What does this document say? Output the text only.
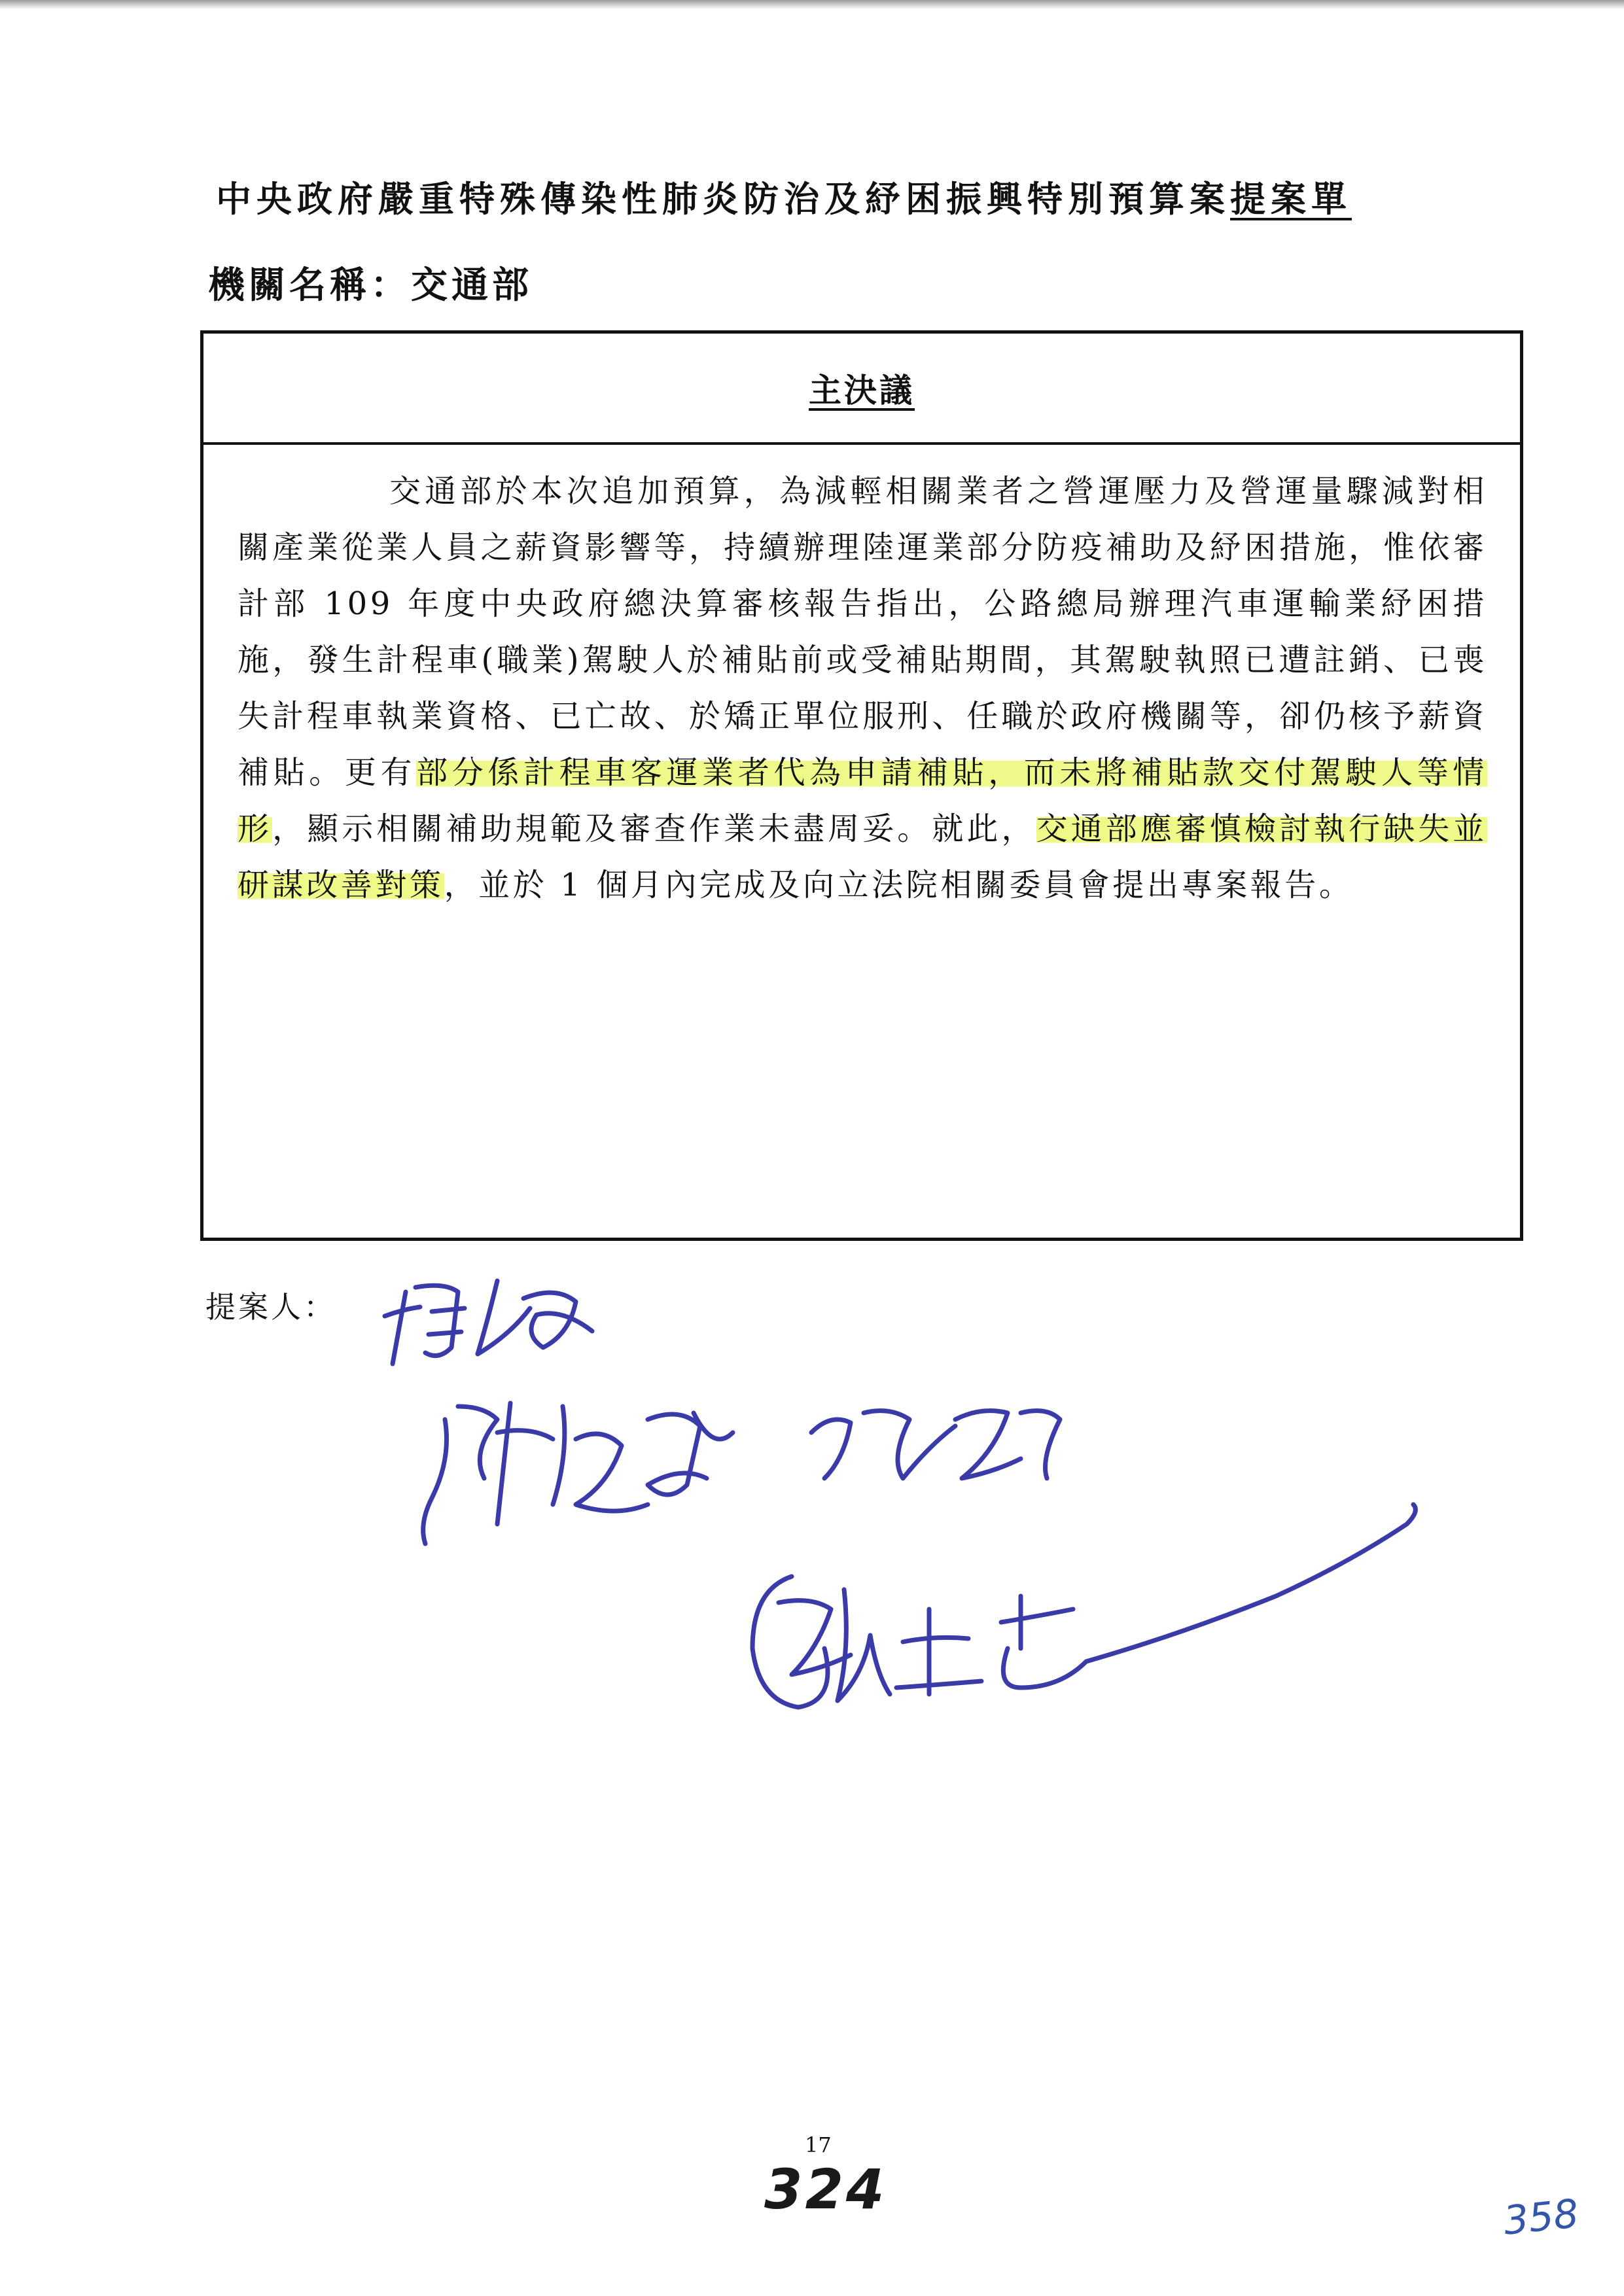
中央政府嚴重特殊傳染性肺炎防治及紓困振興特別預算案提案單
機關名稱：交通部
主決議

交通部於本次追加預算，為減輕相關業者之營運壓力及營運量驟減對相關產業從業人員之薪資影響等，持續辦理陸運業部分防疫補助及紓困措施，惟依審計部 109 年度中央政府總決算審核報告指出，公路總局辦理汽車運輸業紓困措施，發生計程車(職業)駕駛人於補貼前或受補貼期間，其駕駛執照已遭註銷、已喪失計程車執業資格、已亡故、於矯正單位服刑、任職於政府機關等，卻仍核予薪資補貼。更有部分係計程車客運業者代為申請補貼，而未將補貼款交付駕駛人等情形，顯示相關補助規範及審查作業未盡周妥。就此，交通部應審慎檢討執行缺失並研謀改善對策，並於 1 個月內完成及向立法院相關委員會提出專案報告。

提案人：
17
324	358
